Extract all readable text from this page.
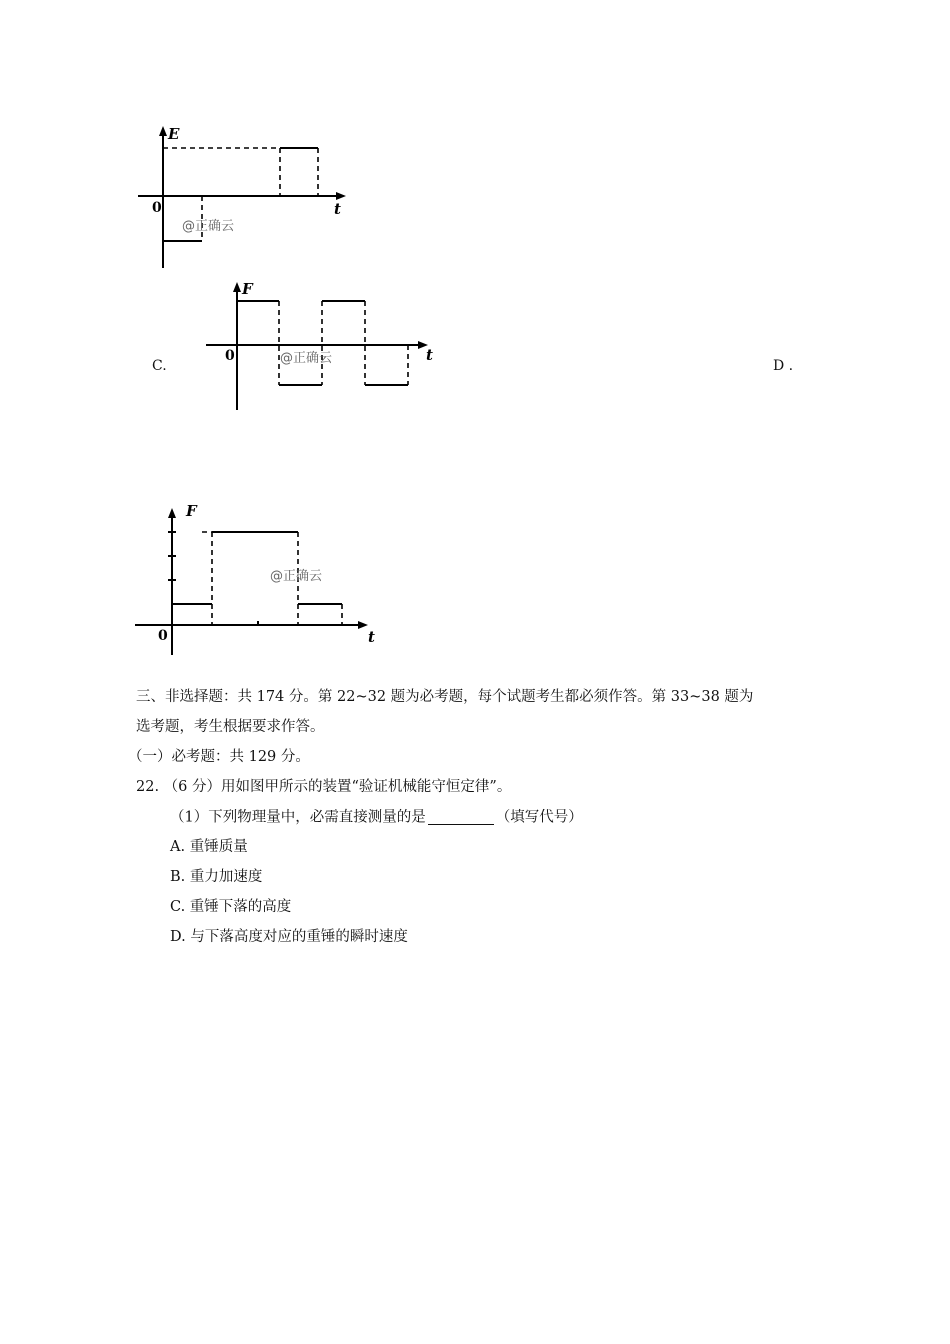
E
t
0
@正确云
C.
F
t
0	@正确云	D .
F
t
0
@正确云
三、非选择题：共 174 分。第 22~32 题为必考题，每个试题考生都必须作答。第 33~38 题为
选考题，考生根据要求作答。
（一）必考题：共 129 分。
22. （6 分）用如图甲所示的装置“验证机械能守恒定律”。
（1）下列物理量中，必需直接测量的是	（填写代号）
A. 重锤质量
B. 重力加速度
C. 重锤下落的高度
D. 与下落高度对应的重锤的瞬时速度
